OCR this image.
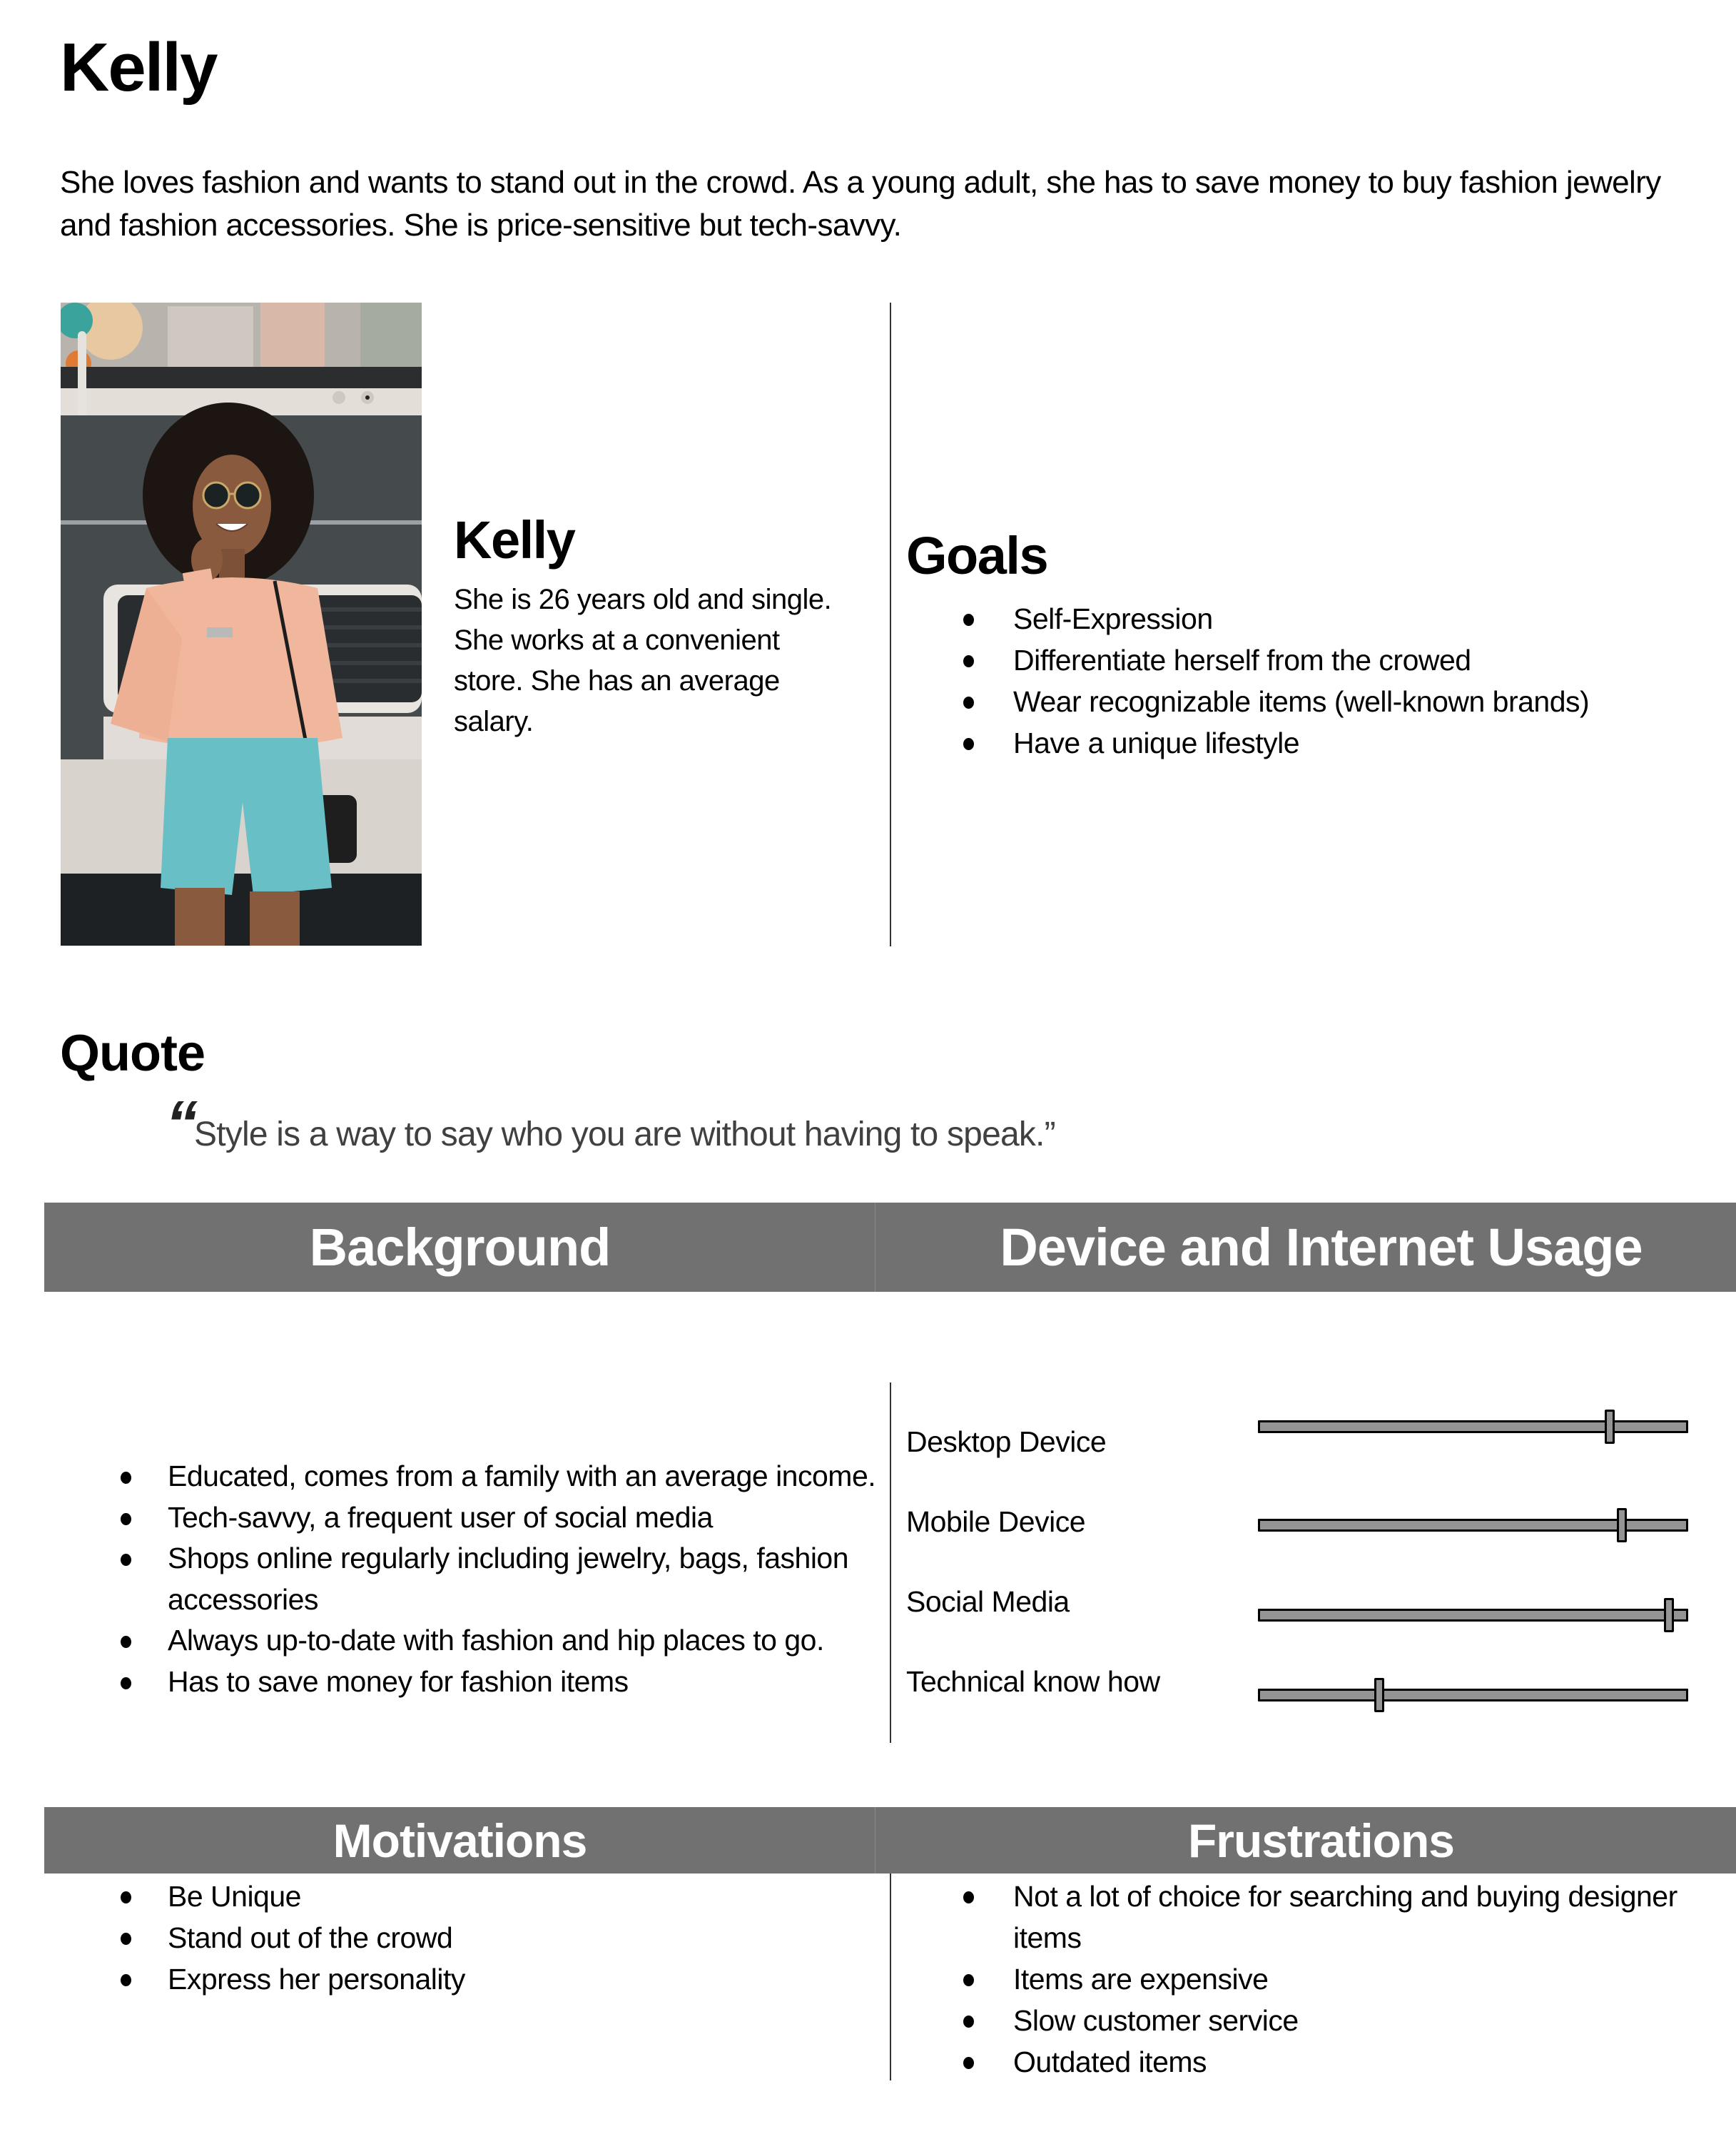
Kelly

She loves fashion and wants to stand out in the crowd. As a young adult, she has to save money to buy fashion jewelry and fashion accessories. She is price-sensitive but tech-savvy.

Kelly

She is 26 years old and single. She works at a convenient store. She has an average salary.

Goals
Self-Expression
Differentiate herself from the crowed
Wear recognizable items (well-known brands)
Have a unique lifestyle
Quote
“

Style is a way to say who you are without having to speak.”

Background	Device and Internet Usage
Educated, comes from a family with an average income.
Tech-savvy, a frequent user of social media
Shops online regularly including jewelry, bags, fashion accessories
Always up-to-date with fashion and hip places to go.
Has to save money for fashion items
Desktop Device
Mobile Device
Social Media
Technical know how
Motivations	Frustrations
Be Unique
Stand out of the crowd
Express her personality
Not a lot of choice for searching and buying designer items
Items are expensive
Slow customer service
Outdated items
